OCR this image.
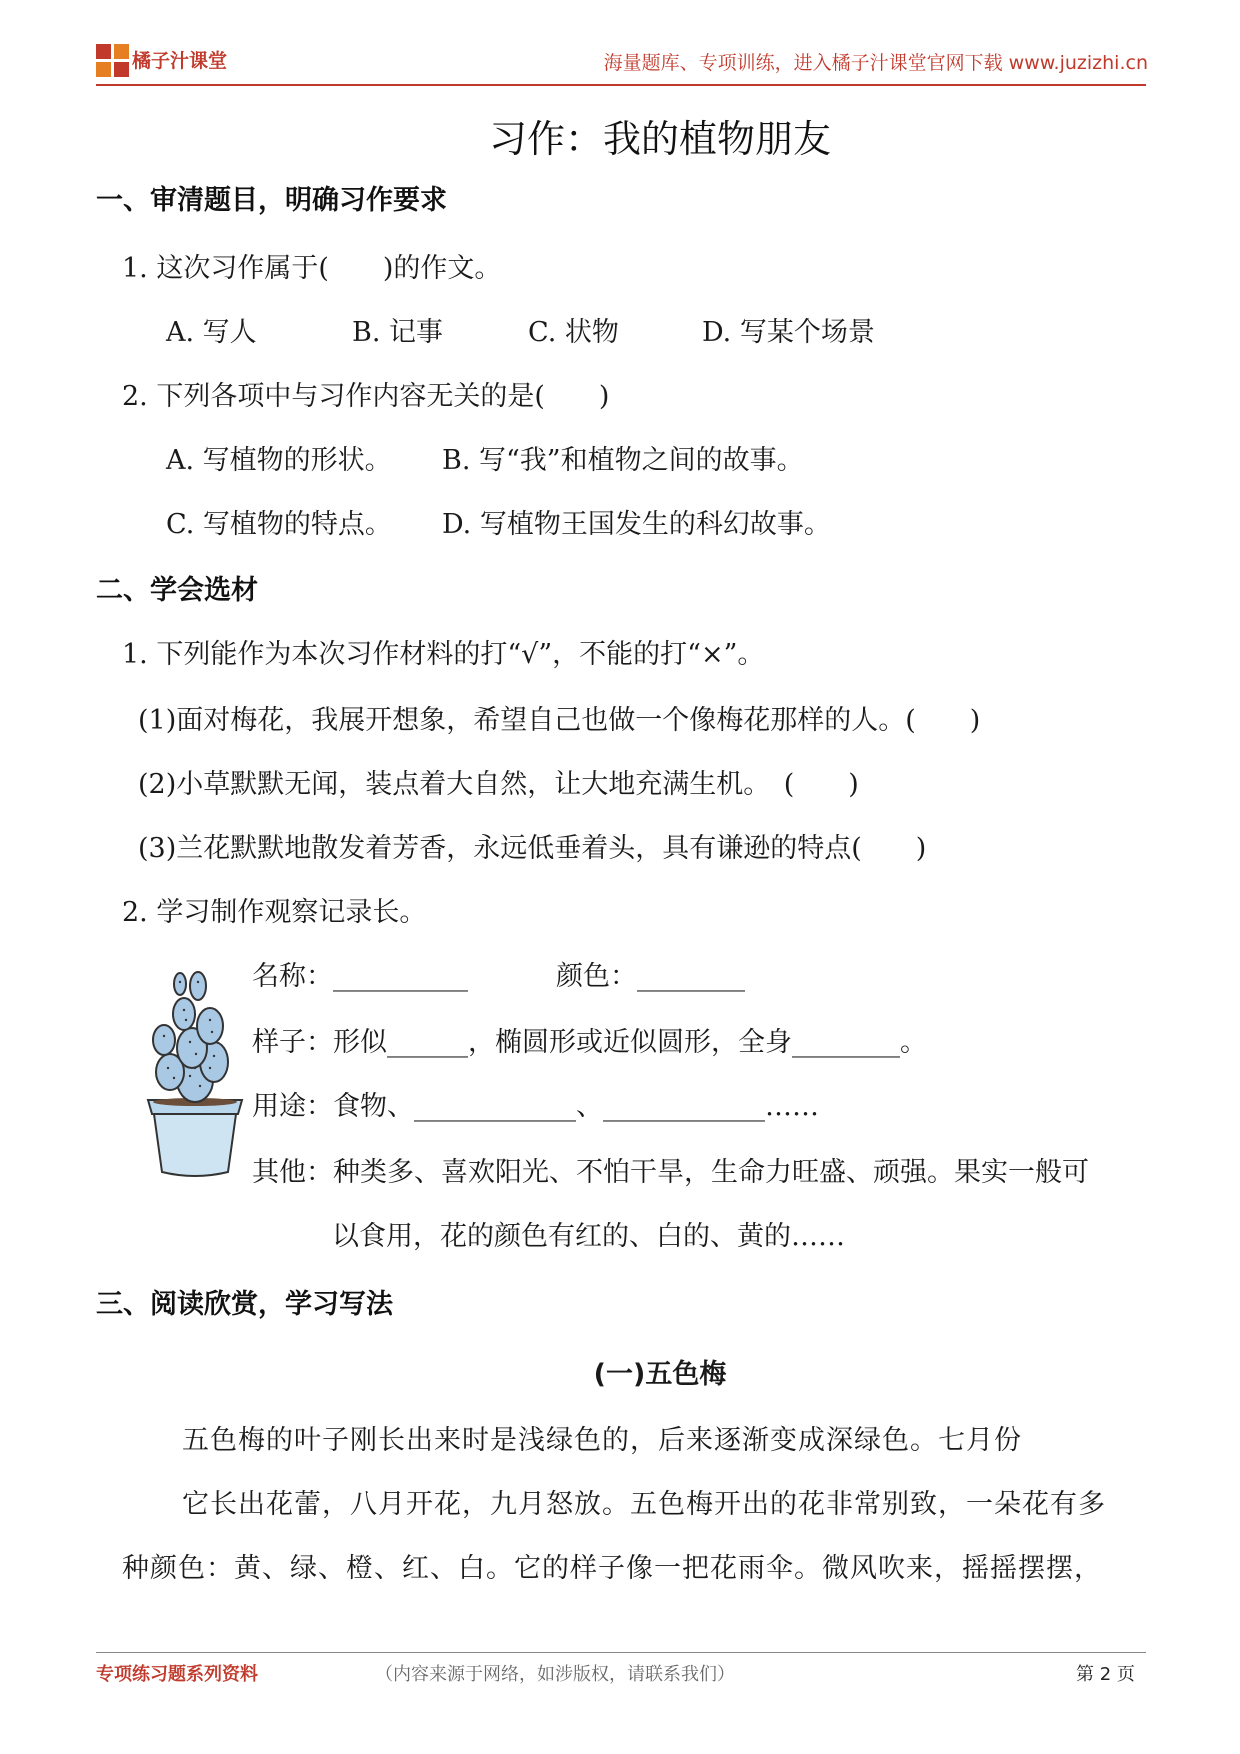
橘子汁课堂	海量题库、专项训练，进入橘子汁课堂官网下载 www.juzizhi.cn
习作：我的植物朋友
一、审清题目，明确习作要求
1. 这次习作属于(　　)的作文。
A. 写人	B. 记事	C. 状物	D. 写某个场景
2. 下列各项中与习作内容无关的是(　　)
A. 写植物的形状。 B. 写“我”和植物之间的故事。
C. 写植物的特点。 D. 写植物王国发生的科幻故事。
二、学会选材
1. 下列能作为本次习作材料的打“√”，不能的打“×”。
(1)面对梅花，我展开想象，希望自己也做一个像梅花那样的人。(　　)
(2)小草默默无闻，装点着大自然，让大地充满生机。　(　　)
(3)兰花默默地散发着芳香，永远低垂着头，具有谦逊的特点(　　)
2. 学习制作观察记录长。
名称：__________	颜色：________
样子：形似______，椭圆形或近似圆形，全身________。
用途：食物、____________、____________……
其他：种类多、喜欢阳光、不怕干旱，生命力旺盛、顽强。果实一般可
以食用，花的颜色有红的、白的、黄的……
三、阅读欣赏，学习写法
(一)五色梅
五色梅的叶子刚长出来时是浅绿色的，后来逐渐变成深绿色。七月份
它长出花蕾，八月开花，九月怒放。五色梅开出的花非常别致，一朵花有多
种颜色：黄、绿、橙、红、白。它的样子像一把花雨伞。微风吹来，摇摇摆摆，
专项练习题系列资料	（内容来源于网络，如涉版权，请联系我们）	第 2 页
